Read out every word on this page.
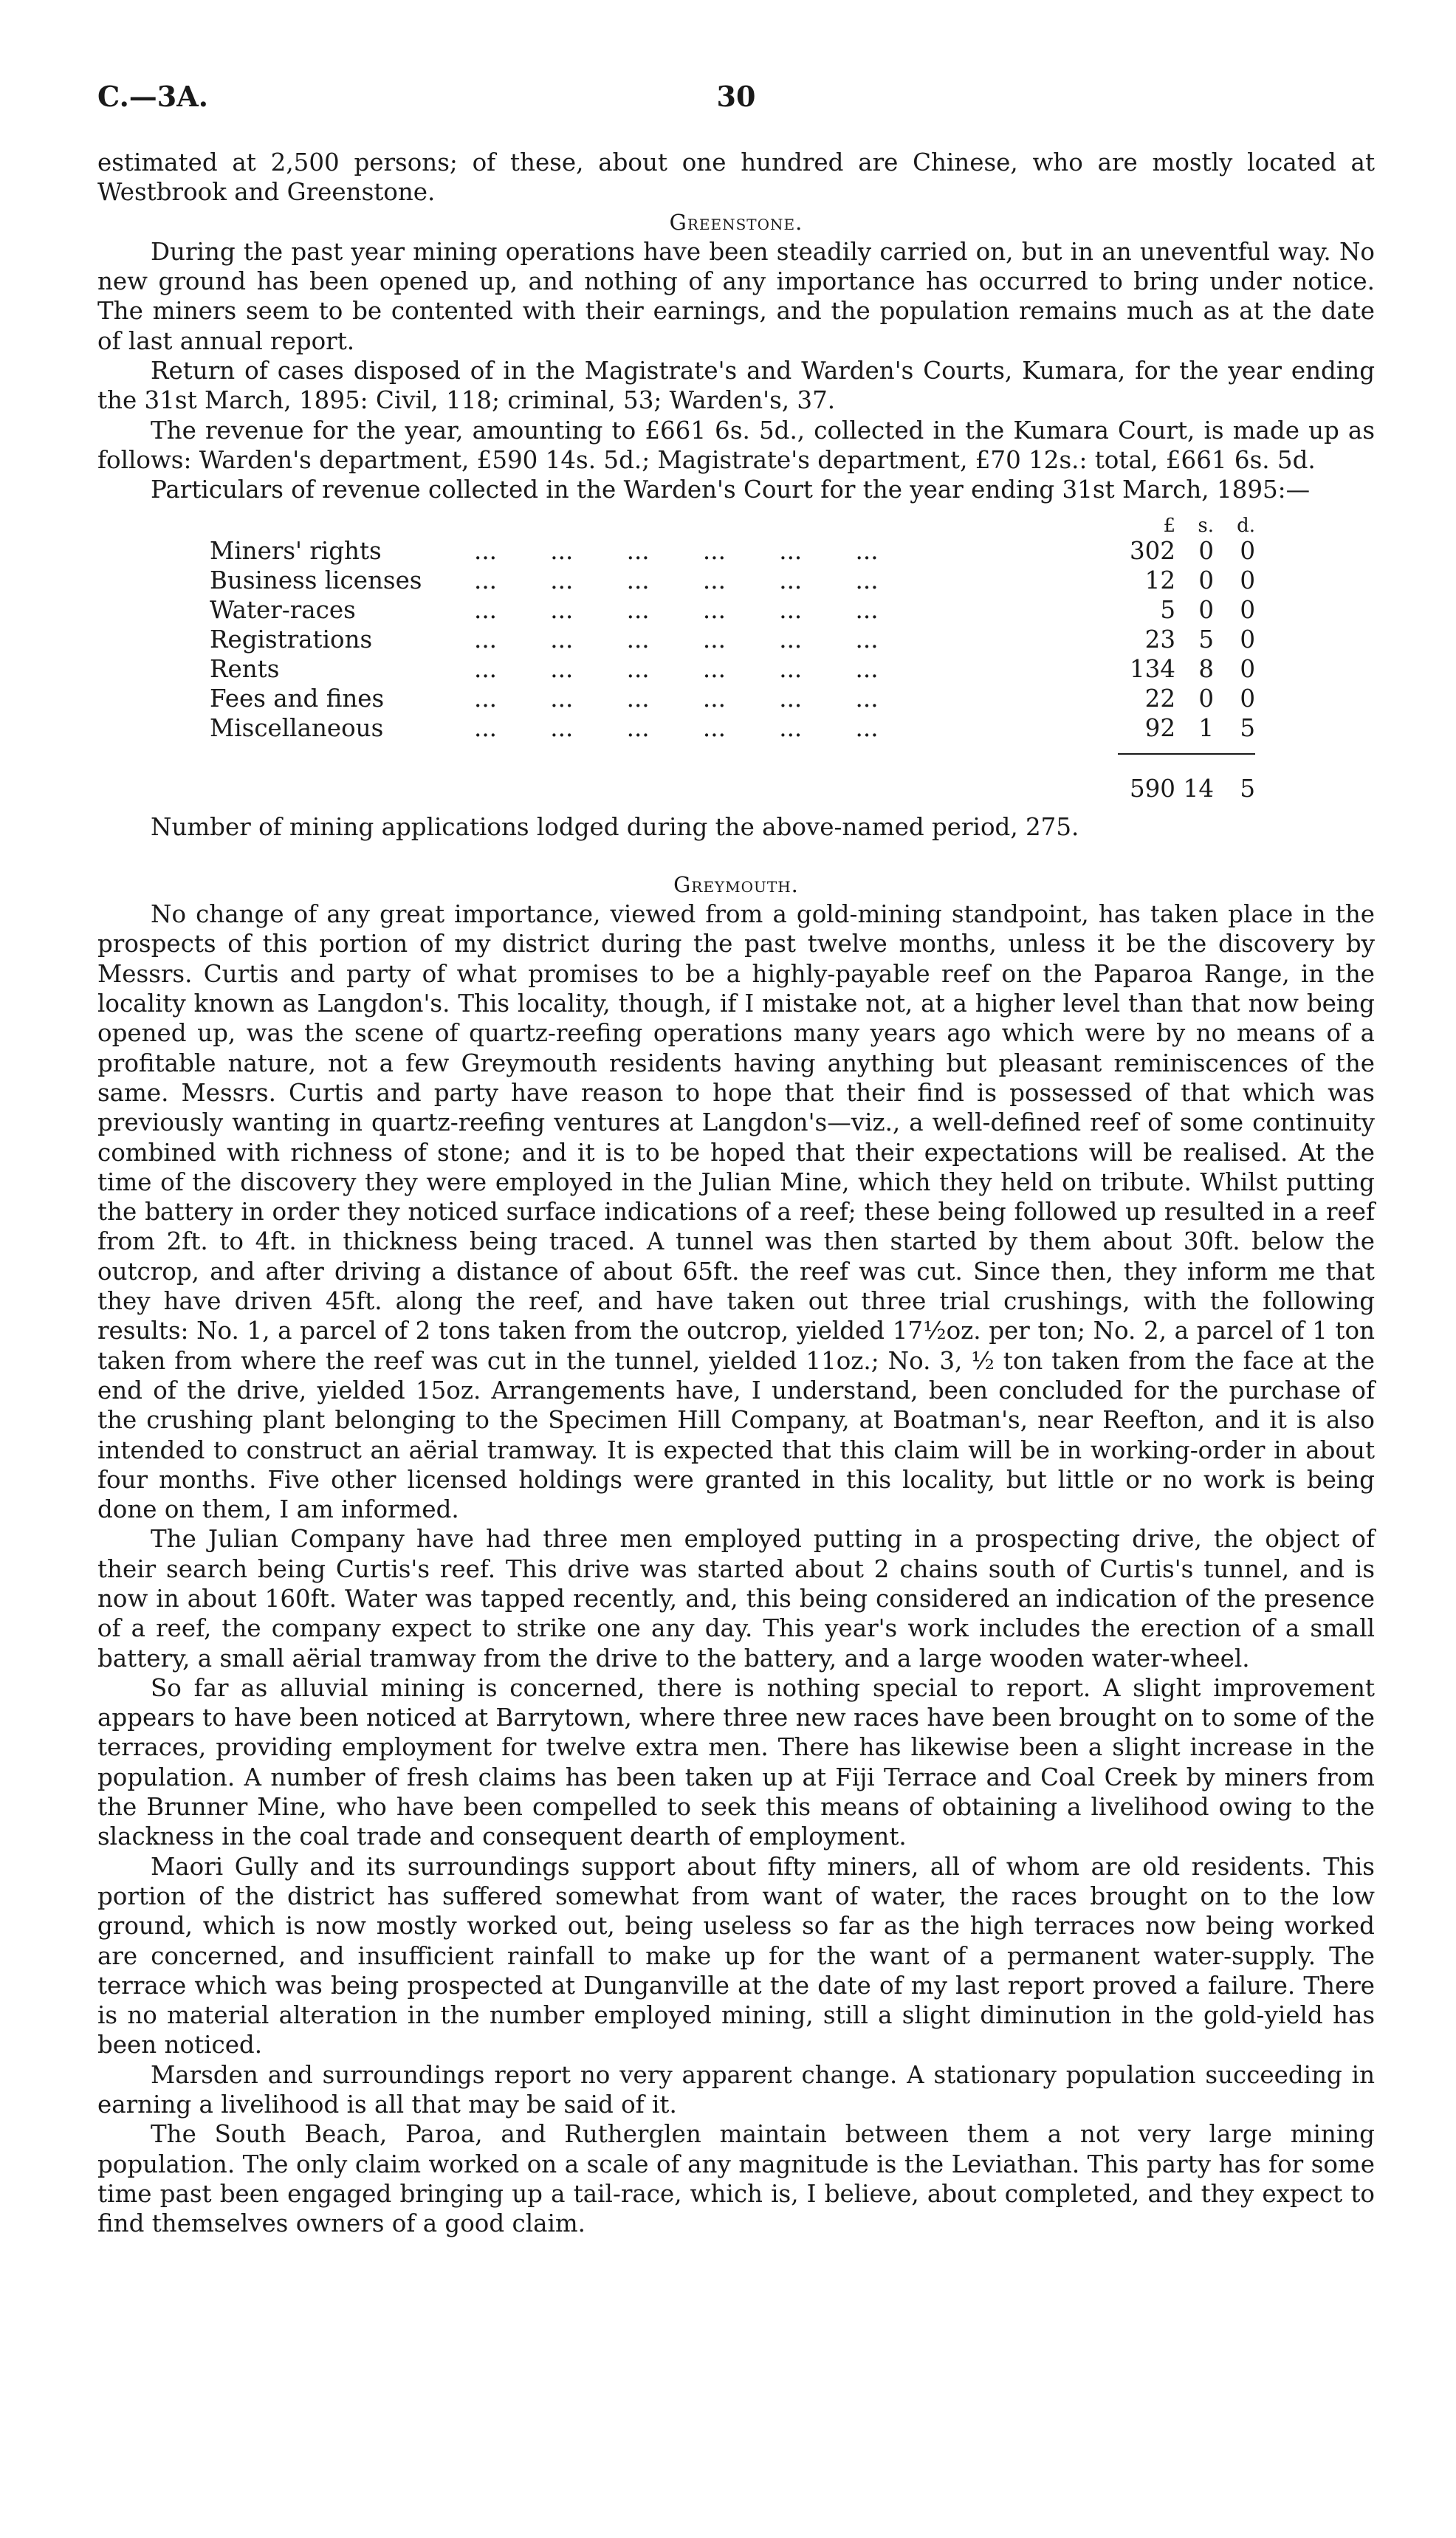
C.—3A.	30

estimated at 2,500 persons; of these, about one hundred are Chinese, who are mostly located at Westbrook and Greenstone.

Greenstone.

During the past year mining operations have been steadily carried on, but in an uneventful way. No new ground has been opened up, and nothing of any importance has occurred to bring under notice. The miners seem to be contented with their earnings, and the population remains much as at the date of last annual report.

Return of cases disposed of in the Magistrate's and Warden's Courts, Kumara, for the year ending the 31st March, 1895: Civil, 118; criminal, 53; Warden's, 37.

The revenue for the year, amounting to £661 6s. 5d., collected in the Kumara Court, is made up as follows: Warden's department, £590 14s. 5d.; Magistrate's department, £70 12s.: total, £661 6s. 5d.

Particulars of revenue collected in the Warden's Court for the year ending 31st March, 1895:—

£	s.	d.
Miners' rights	...       ...       ...       ...       ...       ...	302 0	0
Business licenses ...       ...       ...       ...       ...       ...	12 0	0
Water-races	...       ...       ...       ...       ...       ...	5 0	0
Registrations	...       ...       ...       ...       ...       ...	23 5	0
Rents	...       ...       ...       ...       ...       ...	134 8	0
Fees and fines	...       ...       ...       ...       ...       ...	22 0	0
Miscellaneous	...       ...       ...       ...       ...       ...	92 1	5
590 14	5

Number of mining applications lodged during the above-named period, 275.

Greymouth.

No change of any great importance, viewed from a gold-mining standpoint, has taken place in the prospects of this portion of my district during the past twelve months, unless it be the discovery by Messrs. Curtis and party of what promises to be a highly-payable reef on the Paparoa Range, in the locality known as Langdon's. This locality, though, if I mistake not, at a higher level than that now being opened up, was the scene of quartz-reefing operations many years ago which were by no means of a profitable nature, not a few Greymouth residents having anything but pleasant reminiscences of the same. Messrs. Curtis and party have reason to hope that their find is possessed of that which was previously wanting in quartz-reefing ventures at Langdon's—viz., a well-defined reef of some continuity combined with richness of stone; and it is to be hoped that their expectations will be realised. At the time of the discovery they were employed in the Julian Mine, which they held on tribute. Whilst putting the battery in order they noticed surface indications of a reef; these being followed up resulted in a reef from 2ft. to 4ft. in thickness being traced. A tunnel was then started by them about 30ft. below the outcrop, and after driving a distance of about 65ft. the reef was cut. Since then, they inform me that they have driven 45ft. along the reef, and have taken out three trial crushings, with the following results: No. 1, a parcel of 2 tons taken from the outcrop, yielded 17½oz. per ton; No. 2, a parcel of 1 ton taken from where the reef was cut in the tunnel, yielded 11oz.; No. 3, ½ ton taken from the face at the end of the drive, yielded 15oz. Arrangements have, I understand, been concluded for the purchase of the crushing plant belonging to the Specimen Hill Company, at Boatman's, near Reefton, and it is also intended to construct an aërial tramway. It is expected that this claim will be in working-order in about four months. Five other licensed holdings were granted in this locality, but little or no work is being done on them, I am informed.

The Julian Company have had three men employed putting in a prospecting drive, the object of their search being Curtis's reef. This drive was started about 2 chains south of Curtis's tunnel, and is now in about 160ft. Water was tapped recently, and, this being considered an indication of the presence of a reef, the company expect to strike one any day. This year's work includes the erection of a small battery, a small aërial tramway from the drive to the battery, and a large wooden water-wheel.

So far as alluvial mining is concerned, there is nothing special to report. A slight improvement appears to have been noticed at Barrytown, where three new races have been brought on to some of the terraces, providing employment for twelve extra men. There has likewise been a slight increase in the population. A number of fresh claims has been taken up at Fiji Terrace and Coal Creek by miners from the Brunner Mine, who have been compelled to seek this means of obtaining a livelihood owing to the slackness in the coal trade and consequent dearth of employment.

Maori Gully and its surroundings support about fifty miners, all of whom are old residents. This portion of the district has suffered somewhat from want of water, the races brought on to the low ground, which is now mostly worked out, being useless so far as the high terraces now being worked are concerned, and insufficient rainfall to make up for the want of a permanent water-supply. The terrace which was being prospected at Dunganville at the date of my last report proved a failure. There is no material alteration in the number employed mining, still a slight diminution in the gold-yield has been noticed.

Marsden and surroundings report no very apparent change. A stationary population succeeding in earning a livelihood is all that may be said of it.

The South Beach, Paroa, and Rutherglen maintain between them a not very large mining population. The only claim worked on a scale of any magnitude is the Leviathan. This party has for some time past been engaged bringing up a tail-race, which is, I believe, about completed, and they expect to find themselves owners of a good claim.
